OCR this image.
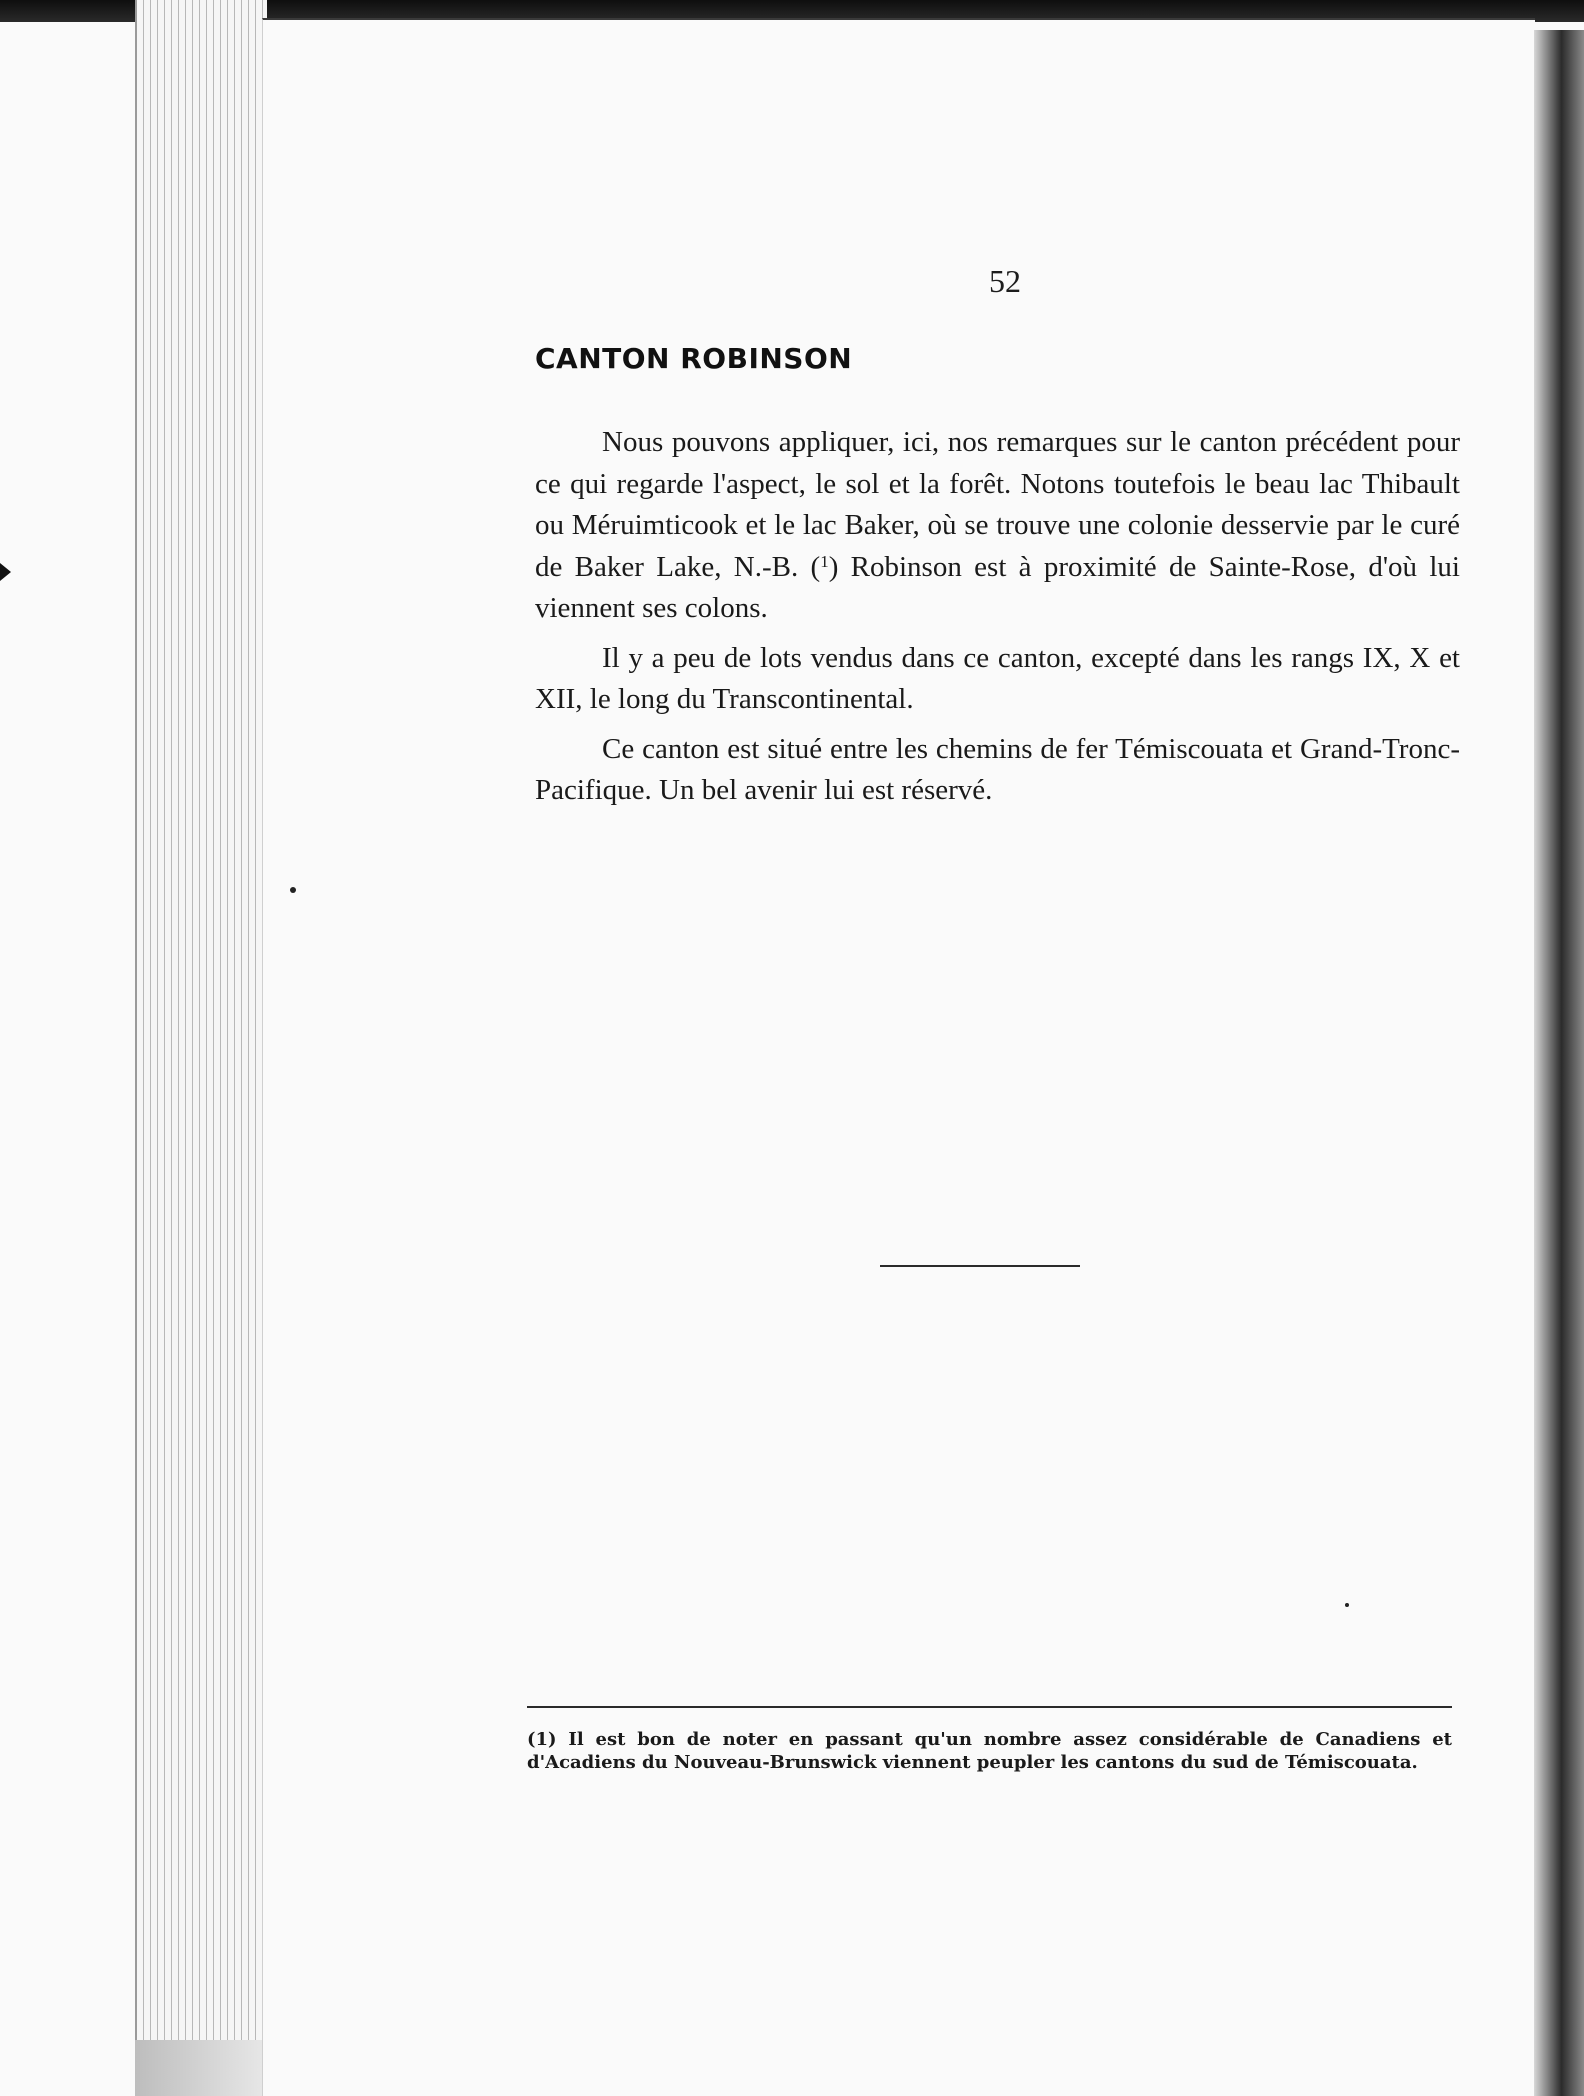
52
CANTON ROBINSON

Nous pouvons appliquer, ici, nos remarques sur le canton précédent pour ce qui regarde l'aspect, le sol et la forêt. Notons toutefois le beau lac Thibault ou Méruimticook et le lac Baker, où se trouve une colonie desservie par le curé de Baker Lake, N.-B. ($^1$) Robinson est à proximité de Sainte-Rose, d'où lui viennent ses colons.

Il y a peu de lots vendus dans ce canton, excepté dans les rangs IX, X et XII, le long du Transcontinental.

Ce canton est situé entre les chemins de fer Témiscouata et Grand-Tronc-Pacifique. Un bel avenir lui est réservé.

(1) Il est bon de noter en passant qu'un nombre assez considérable de Canadiens et d'Acadiens du Nouveau-Brunswick viennent peupler les cantons du sud de Témiscouata.
